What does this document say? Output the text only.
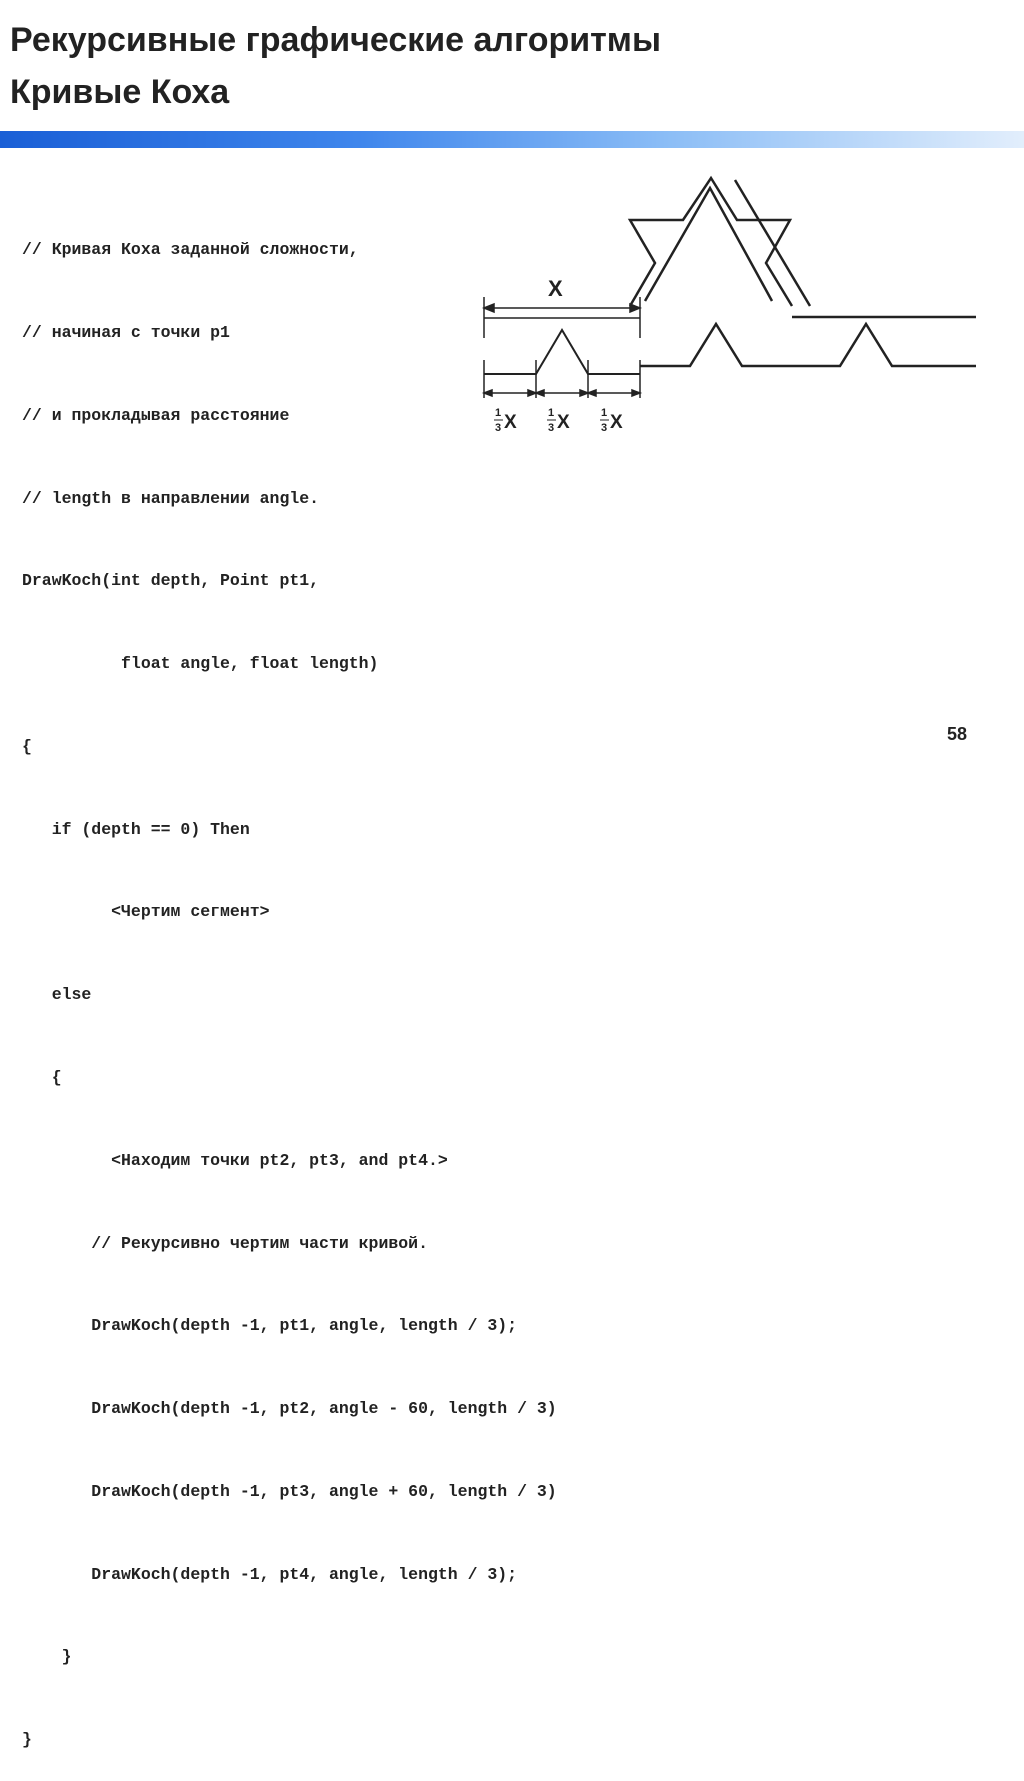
Рекурсивные графические алгоритмы
Кривые Коха

// Кривая Коха заданной сложности,

// начиная с точки p1

// и прокладывая расстояние

// length в направлении angle.

DrawKoch(int depth, Point pt1,

float angle, float length)

{

if (depth == 0) Then

<Чертим сегмент>

else

{

<Находим точки pt2, pt3, and pt4.>

// Рекурсивно чертим части кривой.

DrawKoch(depth -1, pt1, angle, length / 3);

DrawKoch(depth -1, pt2, angle - 60, length / 3)

DrawKoch(depth -1, pt3, angle + 60, length / 3)

DrawKoch(depth -1, pt4, angle, length / 3);

}

}

X
1
3 X	1
3 X	1
3 X
58
